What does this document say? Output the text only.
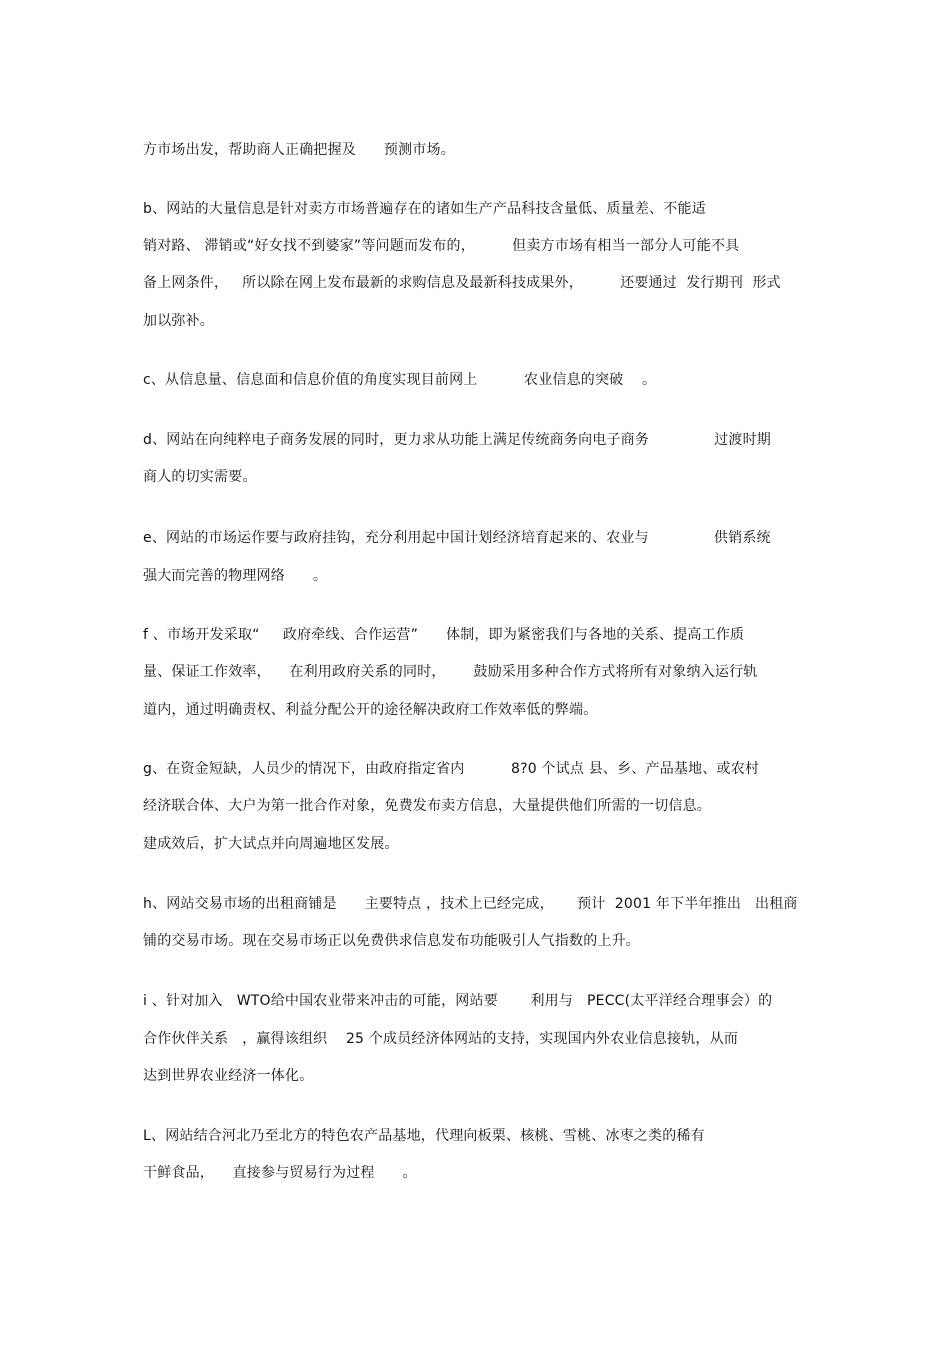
方市场出发，帮助商人正确把握及      预测市场。
b、网站的大量信息是针对卖方市场普遍存在的诸如生产产品科技含量低、质量差、不能适
销对路、 滞销或“好女找不到婆家”等问题而发布的，        但卖方市场有相当一部分人可能不具
备上网条件，   所以除在网上发布最新的求购信息及最新科技成果外，        还要通过  发行期刊  形式
加以弥补。
c、从信息量、信息面和信息价值的角度实现目前网上          农业信息的突破    。
d、网站在向纯粹电子商务发展的同时，更力求从功能上满足传统商务向电子商务              过渡时期
商人的切实需要。
e、网站的市场运作要与政府挂钩，充分利用起中国计划经济培育起来的、农业与              供销系统
强大而完善的物理网络      。
f 、市场开发采取“     政府牵线、合作运营”      体制，即为紧密我们与各地的关系、提高工作质
量、保证工作效率，    在利用政府关系的同时，      鼓励采用多种合作方式将所有对象纳入运行轨
道内，通过明确责权、利益分配公开的途径解决政府工作效率低的弊端。
g、在资金短缺，人员少的情况下，由政府指定省内          8?0 个试点 县、乡、产品基地、或农村
经济联合体、大户为第一批合作对象，免费发布卖方信息，大量提供他们所需的一切信息。
建成效后，扩大试点并向周遍地区发展。
h、网站交易市场的出租商铺是      主要特点 ，技术上已经完成，     预计  2001 年下半年推出   出租商
铺的交易市场。现在交易市场正以免费供求信息发布功能吸引人气指数的上升。
i 、针对加入   WTO给中国农业带来冲击的可能，网站要       利用与   PECC(太平洋经合理事会）的
合作伙伴关系   ，赢得该组织    25 个成员经济体网站的支持，实现国内外农业信息接轨，从而
达到世界农业经济一体化。
L、网站结合河北乃至北方的特色农产品基地，代理向板栗、核桃、雪桃、冰枣之类的稀有
干鲜食品，    直接参与贸易行为过程      。
